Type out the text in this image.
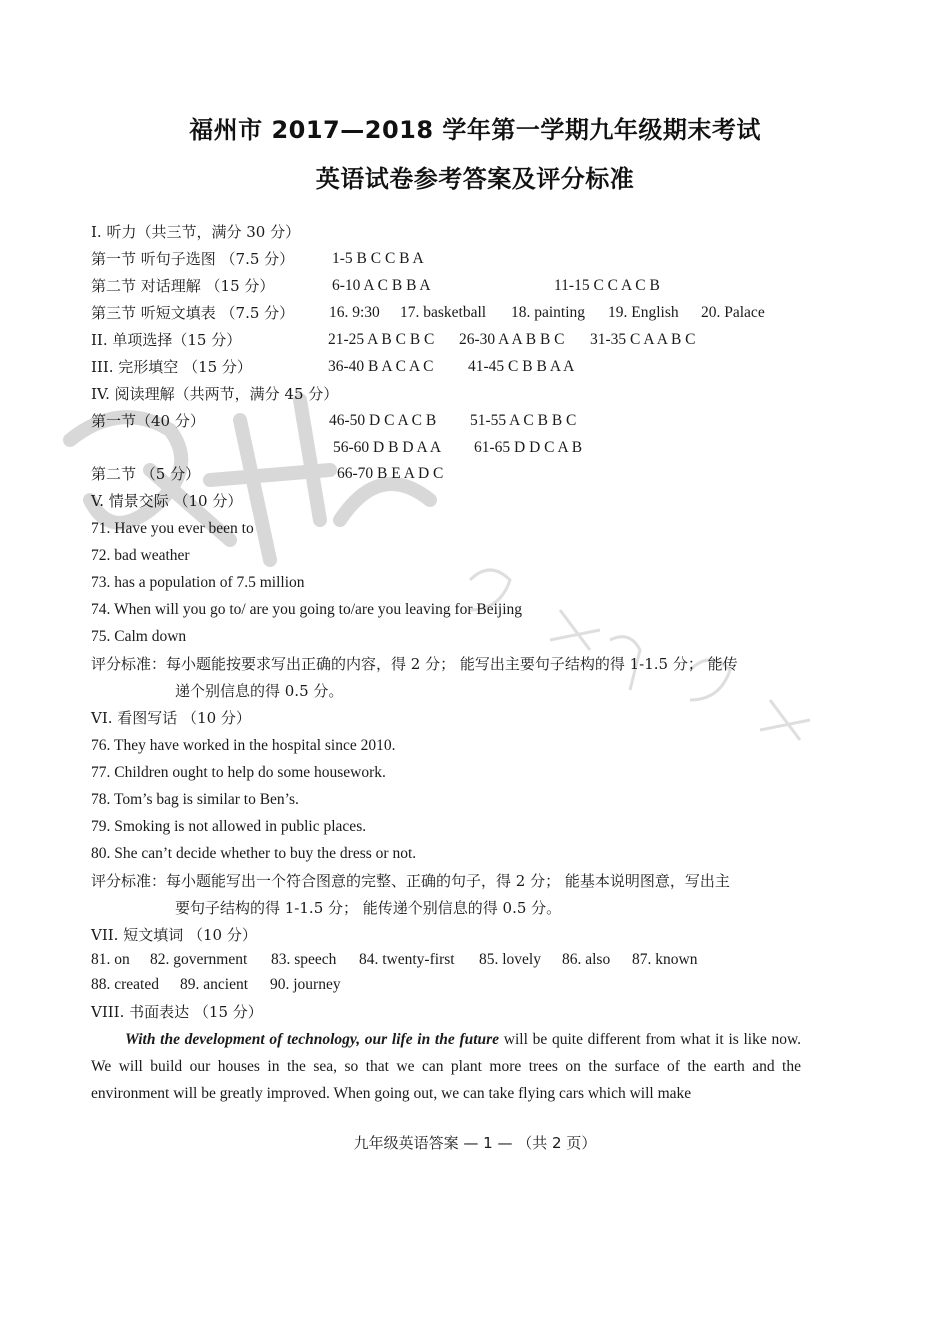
福州市 2017—2018 学年第一学期九年级期末考试
英语试卷参考答案及评分标准
I. 听力（共三节，满分 30 分）
第一节 听句子选图 （7.5 分） 1-5 B C C B A
第二节 对话理解 （15 分）	6-10 A C B B A	11-15 C C A C B
第三节 听短文填表 （7.5 分） 16. 9:30 17. basketball 18. painting 19. English 20. Palace
II. 单项选择（15 分）	21-25 A B C B C 26-30 A A B B C 31-35 C A A B C
III. 完形填空 （15 分）	36-40 B A C A C 41-45 C B B A A
IV. 阅读理解（共两节，满分 45 分）
第一节（40 分）	46-50 D C A C B 51-55 A C B B C
56-60 D B D A A 61-65 D D C A B
第二节 （5 分）	66-70 B E A D C
V. 情景交际 （10 分）
71. Have you ever been to
72. bad weather
73. has a population of 7.5 million
74. When will you go to/ are you going to/are you leaving for Beijing
75. Calm down
评分标准：每小题能按要求写出正确的内容，得 2 分； 能写出主要句子结构的得 1-1.5 分； 能传
递个别信息的得 0.5 分。
VI. 看图写话 （10 分）
76. They have worked in the hospital since 2010.
77. Children ought to help do some housework.
78. Tom’s bag is similar to Ben’s.
79. Smoking is not allowed in public places.
80. She can’t decide whether to buy the dress or not.
评分标准：每小题能写出一个符合图意的完整、正确的句子，得 2 分； 能基本说明图意，写出主
要句子结构的得 1-1.5 分； 能传递个别信息的得 0.5 分。
VII. 短文填词 （10 分）
81. on 82. government 83. speech 84. twenty-first 85. lovely 86. also 87. known
88. created 89. ancient 90. journey
VIII. 书面表达 （15 分）
With the development of technology, our life in the future will be quite different from what it is like now. We will build our houses in the sea, so that we can plant more trees on the surface of the earth and the environment will be greatly improved. When going out, we can take flying cars which will make
九年级英语答案 — 1 — （共 2 页）
